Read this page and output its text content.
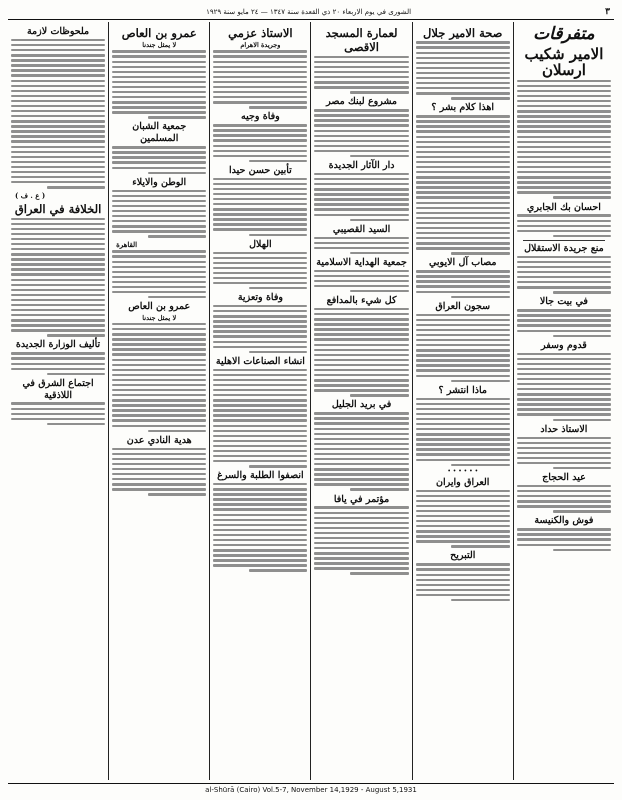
٣
الشورى في يوم الاربعاء ٢٠ ذي القعدة سنة ١٣٤٧ — ٢٤ مايو سنة ١٩٢٩
متفرقات
الامير شكيب ارسلان
احسان بك الجابري
منع جريدة الاستقلال
في بيت جالا
قدوم وسفر
الاستاذ حداد
عيد الحجاج
فوش والكنيسة
صحة الامير جلال
اهذا كلام بشر ؟
مصاب آل الايوبي
سجون العراق
ماذا انتشر ؟
• • • • • •
العراق وايران
التبريح
لعمارة المسجد الاقصى
مشروع لبنك مصر
دار الآثار الجديدة
السيد القصيبي
جمعية الهداية الاسلامية
كل شيء بالمدافع
في بريد الجليل
مؤتمر في يافا
الاستاذ عزمي
وجريدة الاهرام
وفاة وجيه
تأبين حسن حيدا
الهلال
وفاة وتعزية
انشاء الصناعات الاهلية
انصفوا الطلبة والسرغ
عمرو بن العاص
لا يمثل جندنا
جمعية الشبان المسلمين
الوطن والايلاء
القاهرة
عمرو بن العاص
لا يمثل جندنا
هدية النادي عدن
ملحوظات لازمة
( ع . ف )
الخلافة في العراق
تأليف الوزارة الجديدة
اجتماع الشرق في اللاذقية
al-Shūrā (Cairo) Vol.5-7, November 14,1929 - August 5,1931
